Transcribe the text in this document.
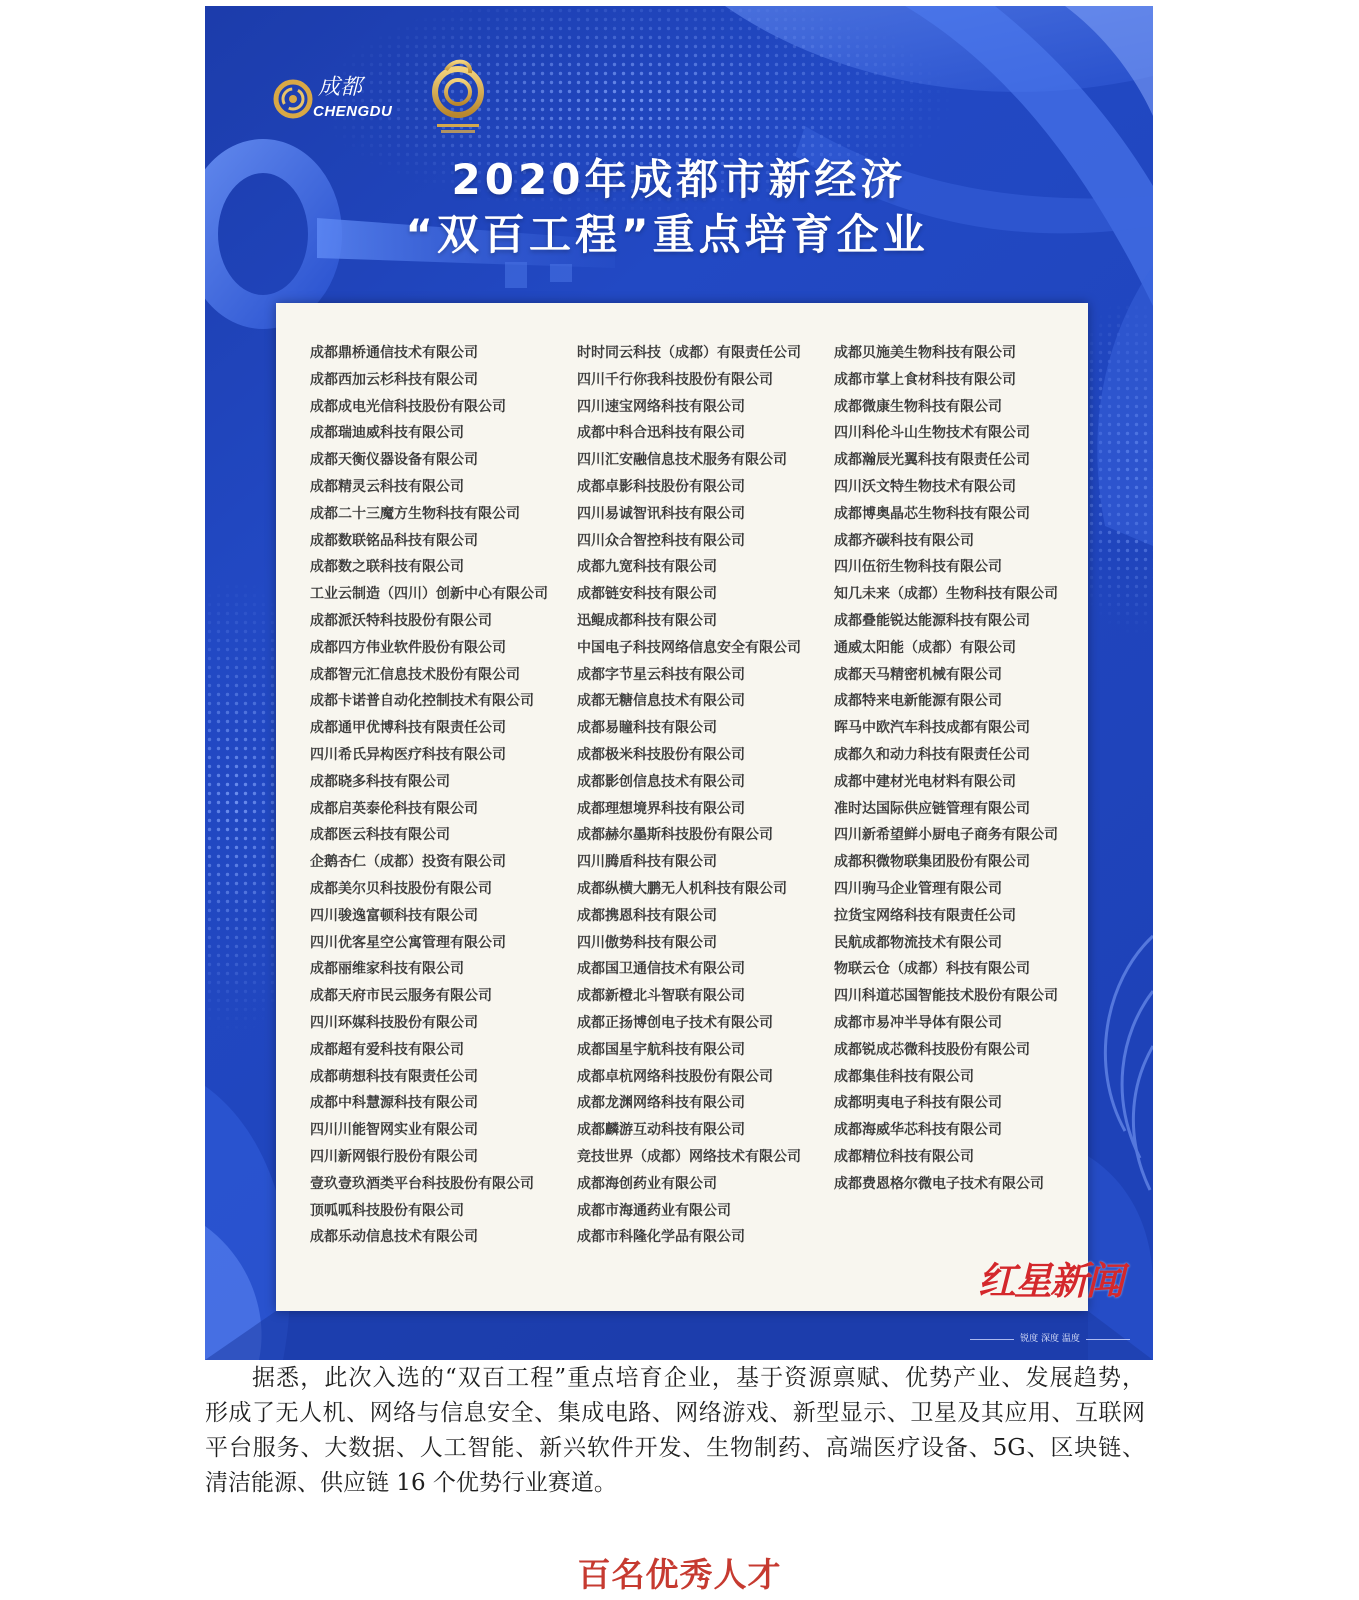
成都
CHENGDU
2020年成都市新经济
“双百工程”重点培育企业
成都鼎桥通信技术有限公司
成都西加云杉科技有限公司
成都成电光信科技股份有限公司
成都瑞迪威科技有限公司
成都天衡仪器设备有限公司
成都精灵云科技有限公司
成都二十三魔方生物科技有限公司
成都数联铭品科技有限公司
成都数之联科技有限公司
工业云制造（四川）创新中心有限公司
成都派沃特科技股份有限公司
成都四方伟业软件股份有限公司
成都智元汇信息技术股份有限公司
成都卡诺普自动化控制技术有限公司
成都通甲优博科技有限责任公司
四川希氏异构医疗科技有限公司
成都晓多科技有限公司
成都启英泰伦科技有限公司
成都医云科技有限公司
企鹅杏仁（成都）投资有限公司
成都美尔贝科技股份有限公司
四川骏逸富顿科技有限公司
四川优客星空公寓管理有限公司
成都丽维家科技有限公司
成都天府市民云服务有限公司
四川环媒科技股份有限公司
成都超有爱科技有限公司
成都萌想科技有限责任公司
成都中科慧源科技有限公司
四川川能智网实业有限公司
四川新网银行股份有限公司
壹玖壹玖酒类平台科技股份有限公司
顶呱呱科技股份有限公司
成都乐动信息技术有限公司
时时同云科技（成都）有限责任公司
四川千行你我科技股份有限公司
四川速宝网络科技有限公司
成都中科合迅科技有限公司
四川汇安融信息技术服务有限公司
成都卓影科技股份有限公司
四川易诚智讯科技有限公司
四川众合智控科技有限公司
成都九宽科技有限公司
成都链安科技有限公司
迅鲲成都科技有限公司
中国电子科技网络信息安全有限公司
成都字节星云科技有限公司
成都无糖信息技术有限公司
成都易瞳科技有限公司
成都极米科技股份有限公司
成都影创信息技术有限公司
成都理想境界科技有限公司
成都赫尔墨斯科技股份有限公司
四川腾盾科技有限公司
成都纵横大鹏无人机科技有限公司
成都携恩科技有限公司
四川傲势科技有限公司
成都国卫通信技术有限公司
成都新橙北斗智联有限公司
成都正扬博创电子技术有限公司
成都国星宇航科技有限公司
成都卓杭网络科技股份有限公司
成都龙渊网络科技有限公司
成都麟游互动科技有限公司
竞技世界（成都）网络技术有限公司
成都海创药业有限公司
成都市海通药业有限公司
成都市科隆化学品有限公司
成都贝施美生物科技有限公司
成都市掌上食材科技有限公司
成都微康生物科技有限公司
四川科伦斗山生物技术有限公司
成都瀚辰光翼科技有限责任公司
四川沃文特生物技术有限公司
成都博奥晶芯生物科技有限公司
成都齐碳科技有限公司
四川伍衍生物科技有限公司
知几未来（成都）生物科技有限公司
成都叠能锐达能源科技有限公司
通威太阳能（成都）有限公司
成都天马精密机械有限公司
成都特来电新能源有限公司
晖马中欧汽车科技成都有限公司
成都久和动力科技有限责任公司
成都中建材光电材料有限公司
准时达国际供应链管理有限公司
四川新希望鲜小厨电子商务有限公司
成都积微物联集团股份有限公司
四川驹马企业管理有限公司
拉货宝网络科技有限责任公司
民航成都物流技术有限公司
物联云仓（成都）科技有限公司
四川科道芯国智能技术股份有限公司
成都市易冲半导体有限公司
成都锐成芯微科技股份有限公司
成都集佳科技有限公司
成都明夷电子科技有限公司
成都海威华芯科技有限公司
成都精位科技有限公司
成都费恩格尔微电子技术有限公司
红星新闻
锐度 深度 温度
据悉，此次入选的“双百工程”重点培育企业，基于资源禀赋、优势产业、发展趋势，
形成了无人机、网络与信息安全、集成电路、网络游戏、新型显示、卫星及其应用、互联网
平台服务、大数据、人工智能、新兴软件开发、生物制药、高端医疗设备、5G、区块链、
清洁能源、供应链 16 个优势行业赛道。
百名优秀人才
